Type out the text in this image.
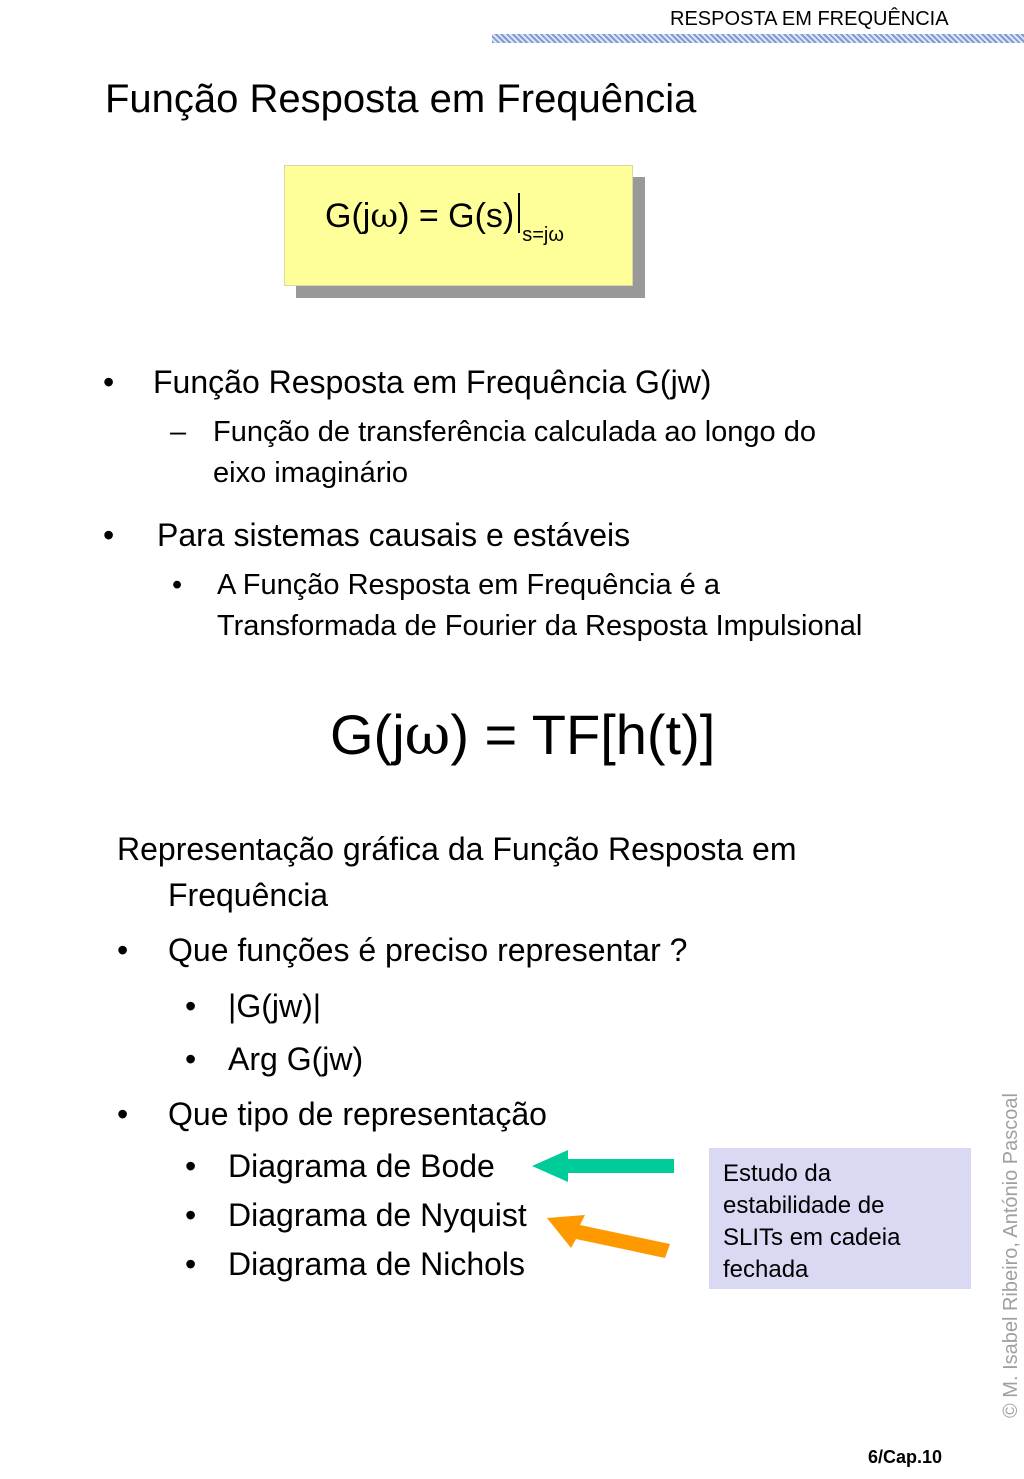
RESPOSTA EM FREQUÊNCIA
Função Resposta em Frequência
G(jω) = G(s) $_{s=j\omega}$
• Função Resposta em Frequência G(jw)
– Função de transferência calculada ao longo do
eixo imaginário
• Para sistemas causais e estáveis
• A Função Resposta em Frequência é a
Transformada de Fourier da Resposta Impulsional
G(jω) = TF[h(t)]
Representação gráfica da Função Resposta em
Frequência
• Que funções é preciso representar ?
• |G(jw)|
• Arg G(jw)
• Que tipo de representação
• Diagrama de Bode
• Diagrama de Nyquist
• Diagrama de Nichols
Estudo da
estabilidade de
SLITs em cadeia
fechada	© M. Isabel Ribeiro, António Pascoal
6/Cap.10
